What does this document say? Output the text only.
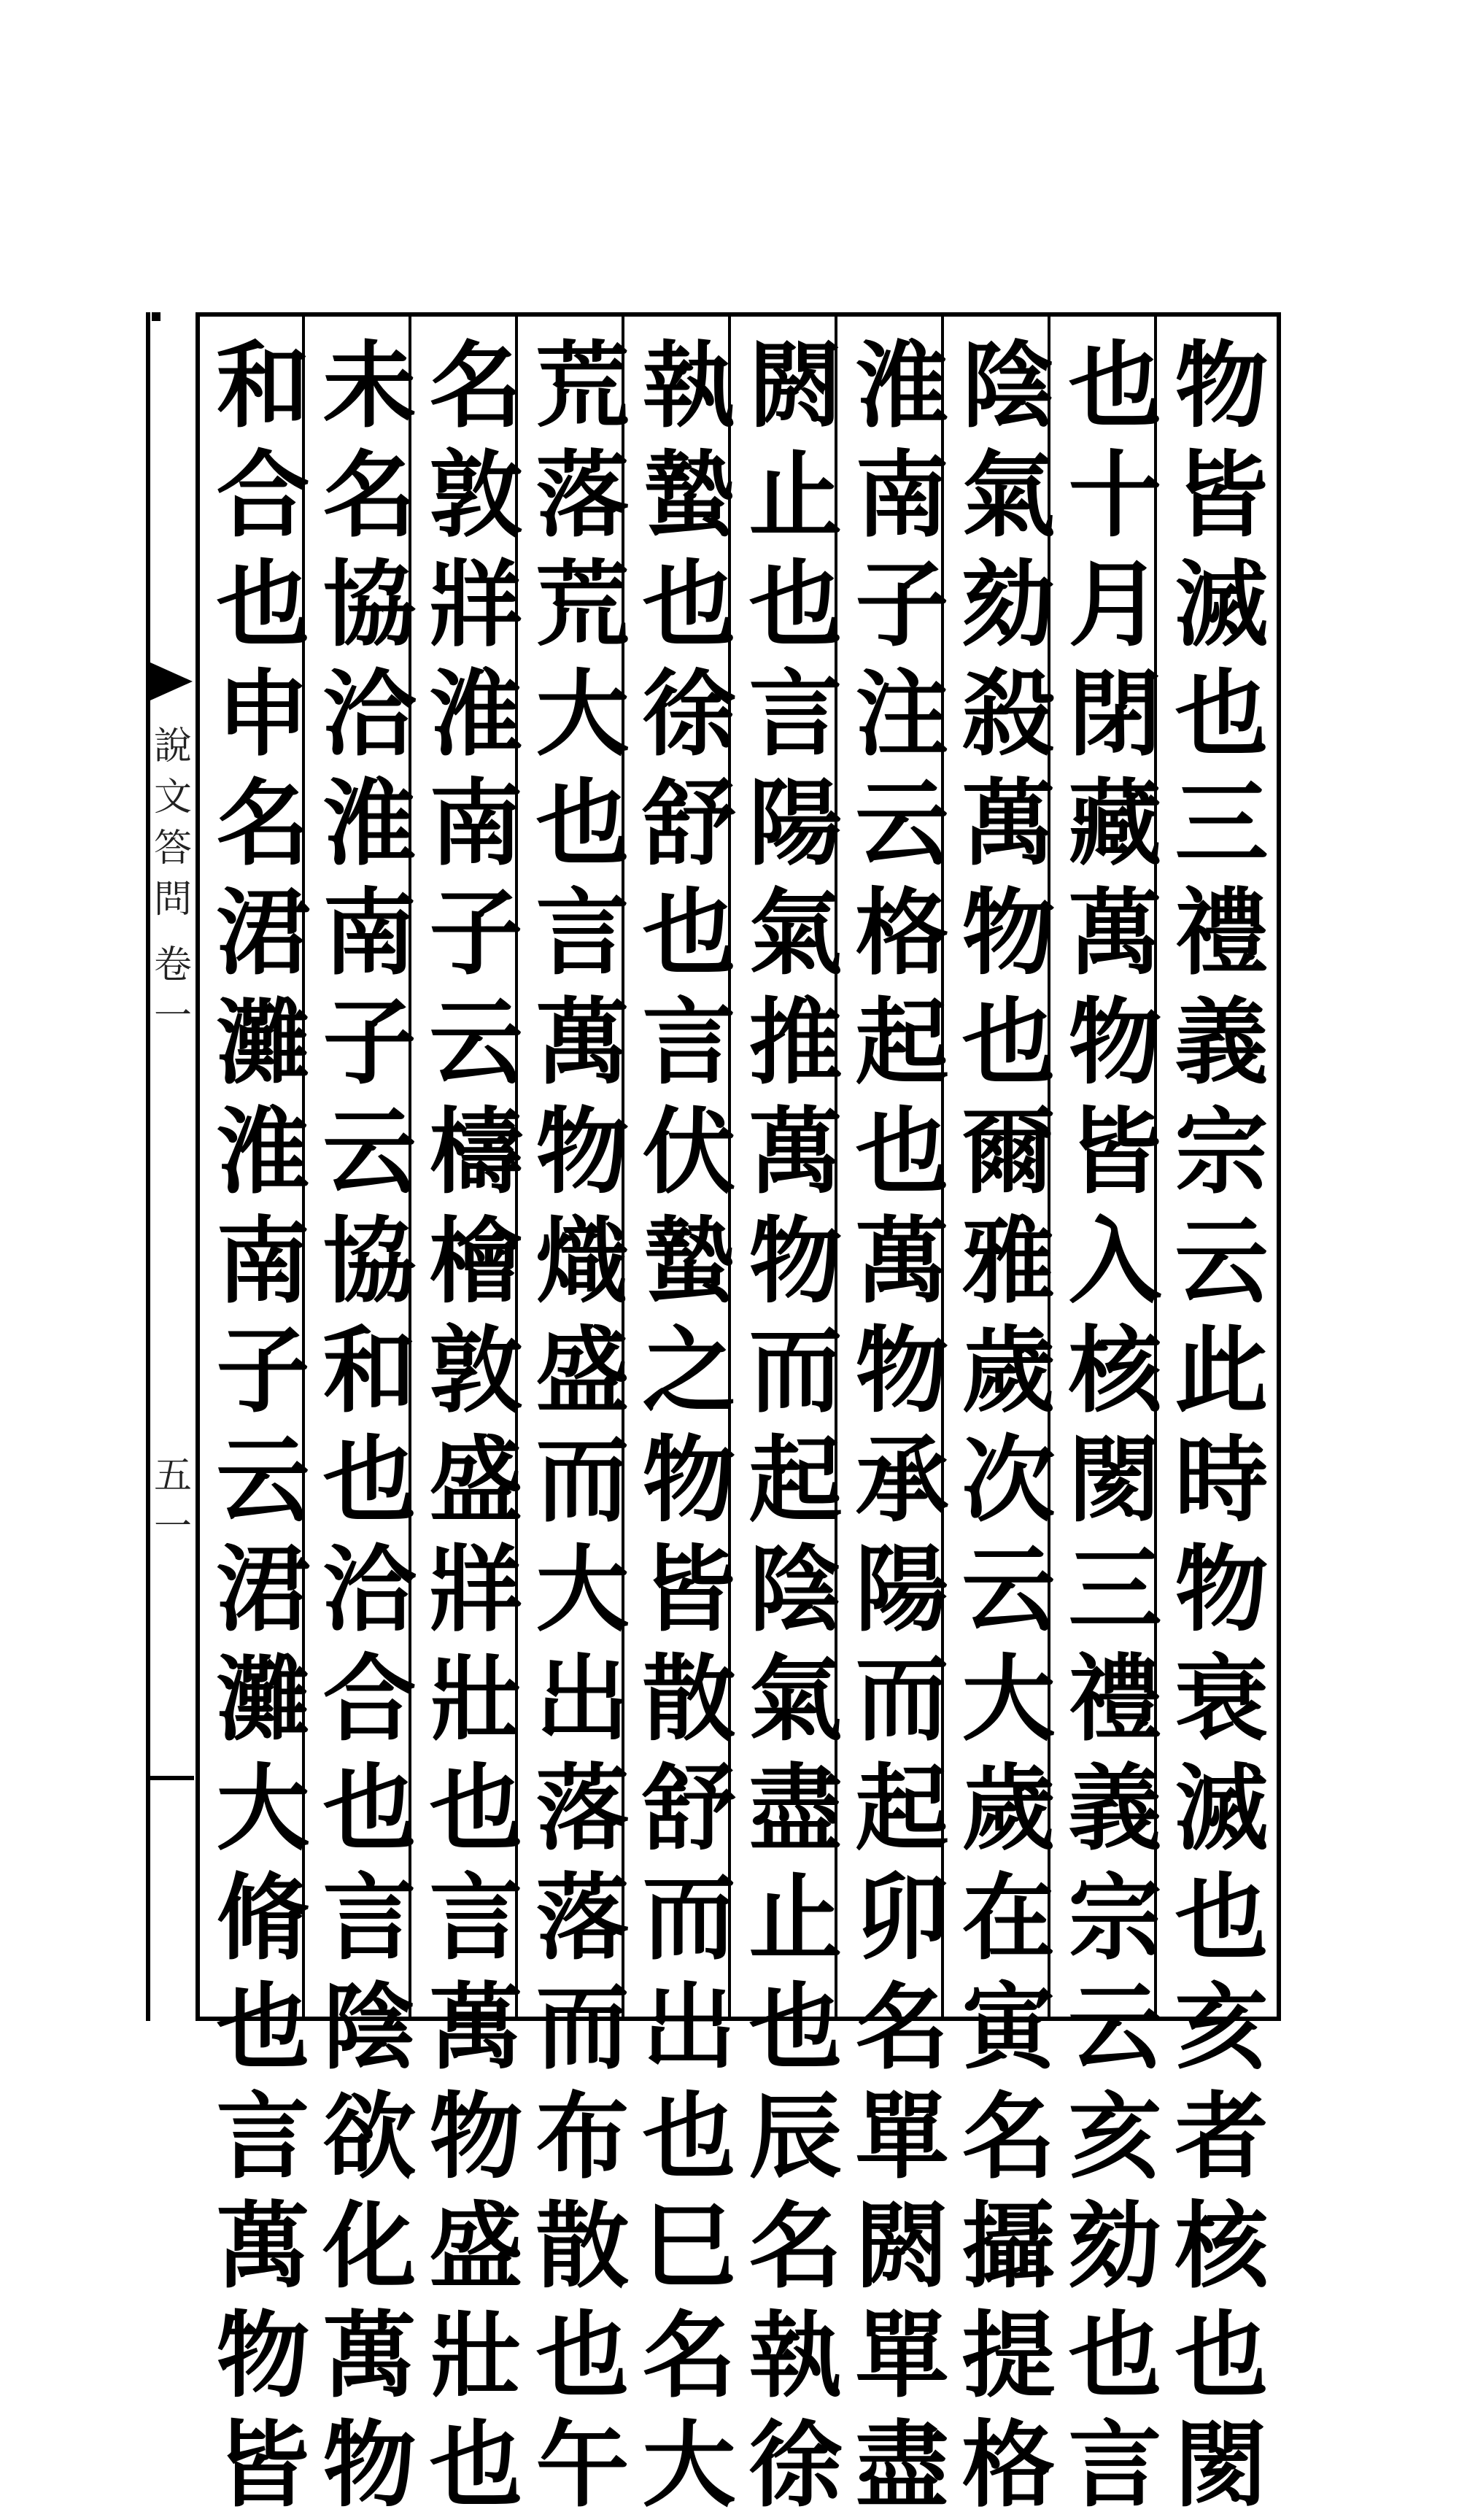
說
文
答
問
卷
一
五
一
物
皆
滅
也
三
禮
義
宗
云
此
時
物
衰
滅
也
亥
者
核
也
閡
也
十
月
閉
藏
萬
物
皆
入
核
閡
三
禮
義
宗
云
亥
劾
也
言
陰
氣
劾
殺
萬
物
也
爾
雅
歲
次
云
大
歲
在
寅
名
攝
提
格
淮
南
子
注
云
格
起
也
萬
物
承
陽
而
起
卯
名
單
閼
單
盡
閼
止
也
言
陽
氣
推
萬
物
而
起
陰
氣
盡
止
也
辰
名
執
徐
執
蟄
也
徐
舒
也
言
伏
蟄
之
物
皆
散
舒
而
出
也
巳
名
大
荒
落
荒
大
也
言
萬
物
熾
盛
而
大
出
落
落
而
布
散
也
午
名
敦
牂
淮
南
子
云
檮
檜
敦
盛
牂
壯
也
言
萬
物
盛
壯
也
未
名
協
洽
淮
南
子
云
協
和
也
洽
合
也
言
陰
欲
化
萬
物
和
合
也
申
名
涒
灘
淮
南
子
云
涒
灘
大
脩
也
言
萬
物
皆
